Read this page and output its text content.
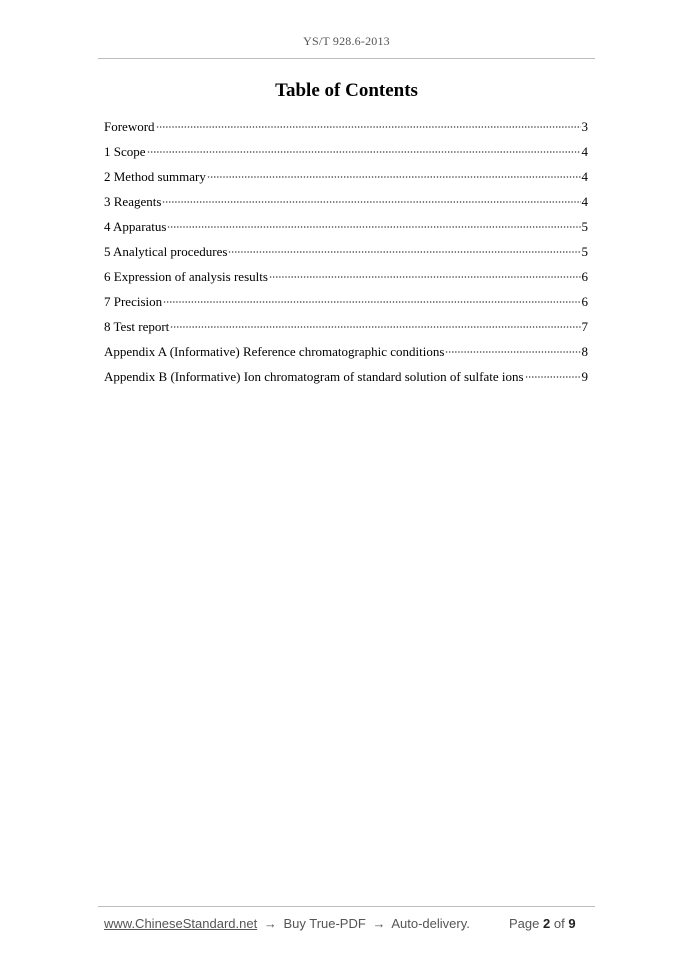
YS/T 928.6-2013
Table of Contents
Foreword	3
1 Scope	4
2 Method summary	4
3 Reagents	4
4 Apparatus	5
5 Analytical procedures	5
6 Expression of analysis results	6
7 Precision	6
8 Test report	7
Appendix A (Informative) Reference chromatographic conditions	8
Appendix B (Informative) Ion chromatogram of standard solution of sulfate ions	9
www.ChineseStandard.net → Buy True-PDF → Auto-delivery.	Page 2 of 9
